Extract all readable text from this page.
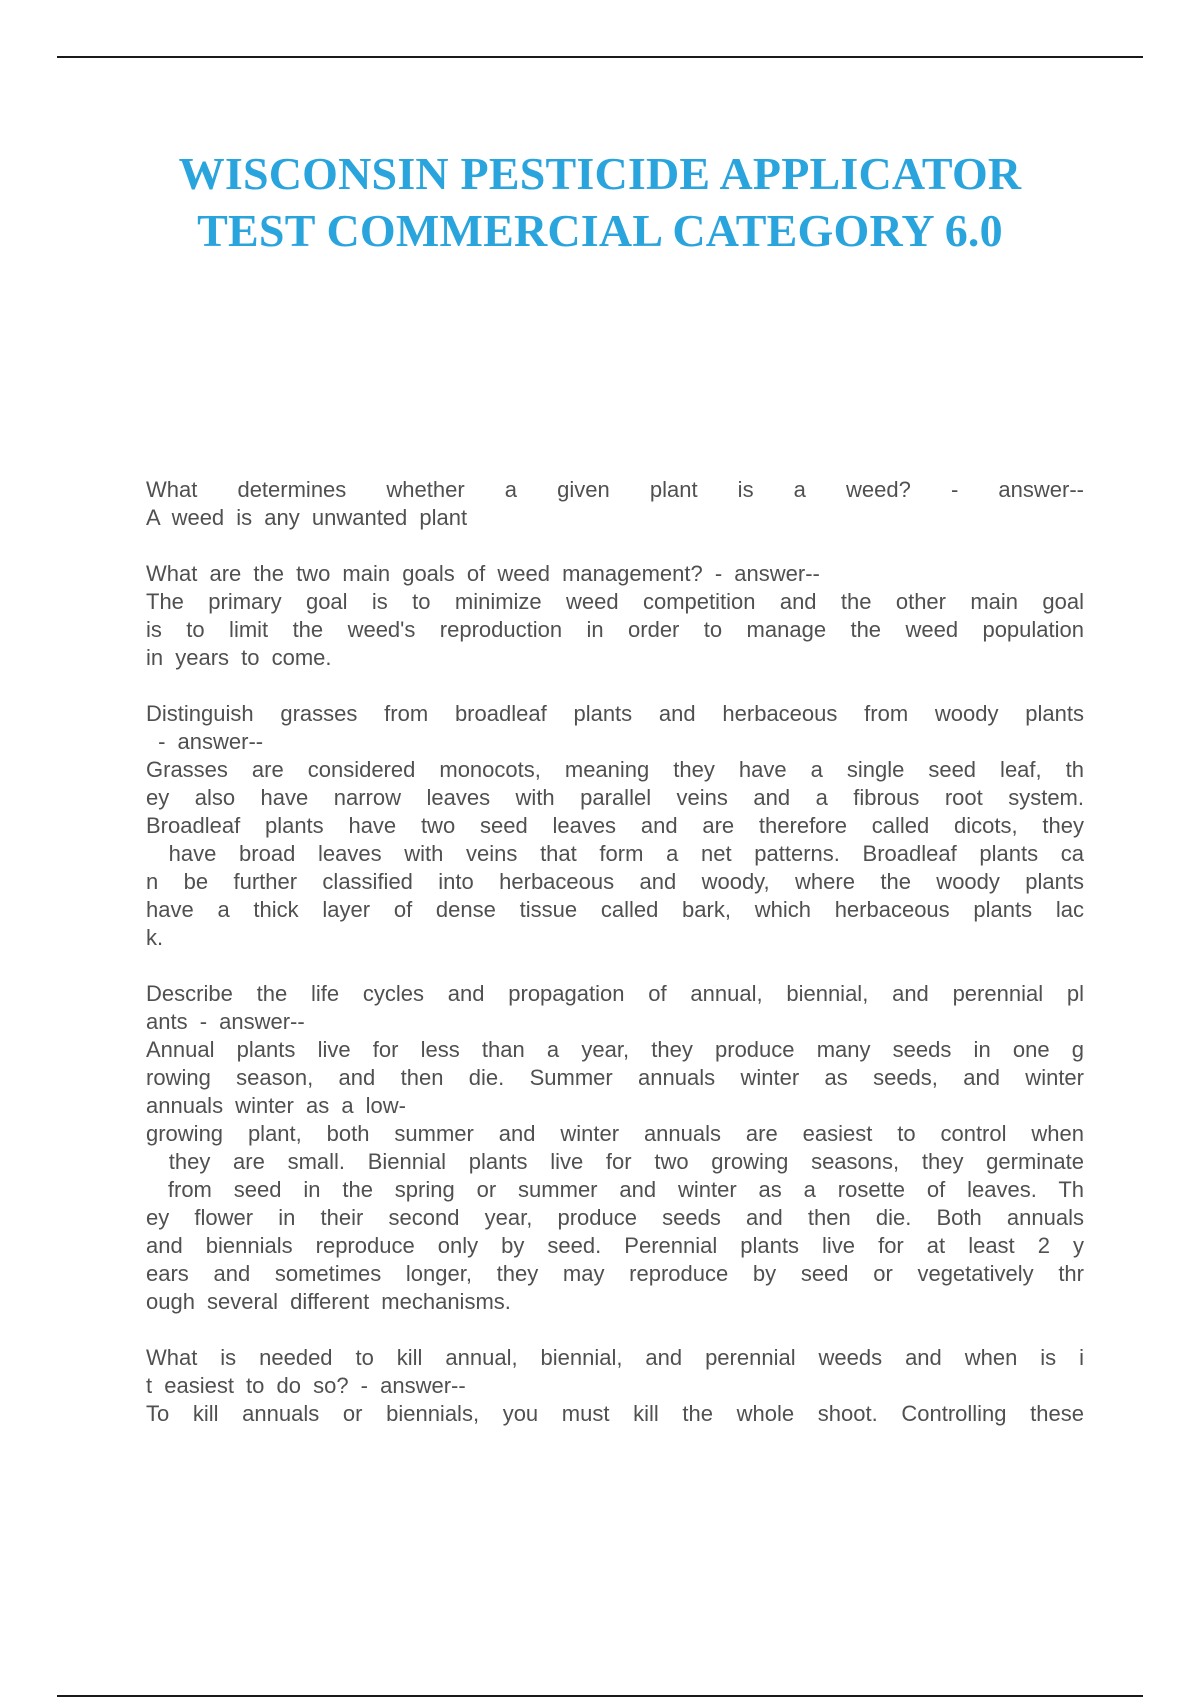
WISCONSIN PESTICIDE APPLICATOR
TEST COMMERCIAL CATEGORY 6.0
What determines whether a given plant is a weed? - answer--
A weed is any unwanted plant
What are the two main goals of weed management? - answer--
The primary goal is to minimize weed competition and the other main goal
is to limit the weed's reproduction in order to manage the weed population
in years to come.
Distinguish grasses from broadleaf plants and herbaceous from woody plants
- answer--
Grasses are considered monocots, meaning they have a single seed leaf, th
ey also have narrow leaves with parallel veins and a fibrous root system.
Broadleaf plants have two seed leaves and are therefore called dicots, they
have broad leaves with veins that form a net patterns. Broadleaf plants ca
n be further classified into herbaceous and woody, where the woody plants
have a thick layer of dense tissue called bark, which herbaceous plants lac
k.
Describe the life cycles and propagation of annual, biennial, and perennial pl
ants - answer--
Annual plants live for less than a year, they produce many seeds in one g
rowing season, and then die. Summer annuals winter as seeds, and winter
annuals winter as a low-
growing plant, both summer and winter annuals are easiest to control when
they are small. Biennial plants live for two growing seasons, they germinate
from seed in the spring or summer and winter as a rosette of leaves. Th
ey flower in their second year, produce seeds and then die. Both annuals
and biennials reproduce only by seed. Perennial plants live for at least 2 y
ears and sometimes longer, they may reproduce by seed or vegetatively thr
ough several different mechanisms.
What is needed to kill annual, biennial, and perennial weeds and when is i
t easiest to do so? - answer--
To kill annuals or biennials, you must kill the whole shoot. Controlling these
